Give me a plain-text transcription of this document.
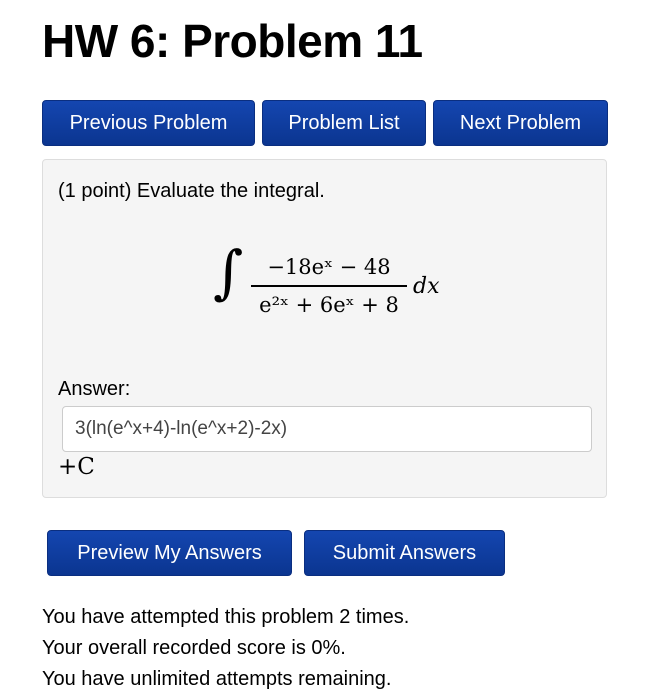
HW 6: Problem 11
Previous Problem	Problem List	Next Problem
(1 point) Evaluate the integral.
∫	−18eˣ − 48
e²ˣ + 6eˣ + 8
dx
Answer:
3(ln(e^x+4)-ln(e^x+2)-2x)
+C
Preview My Answers	Submit Answers

You have attempted this problem 2 times.

Your overall recorded score is 0%.

You have unlimited attempts remaining.
